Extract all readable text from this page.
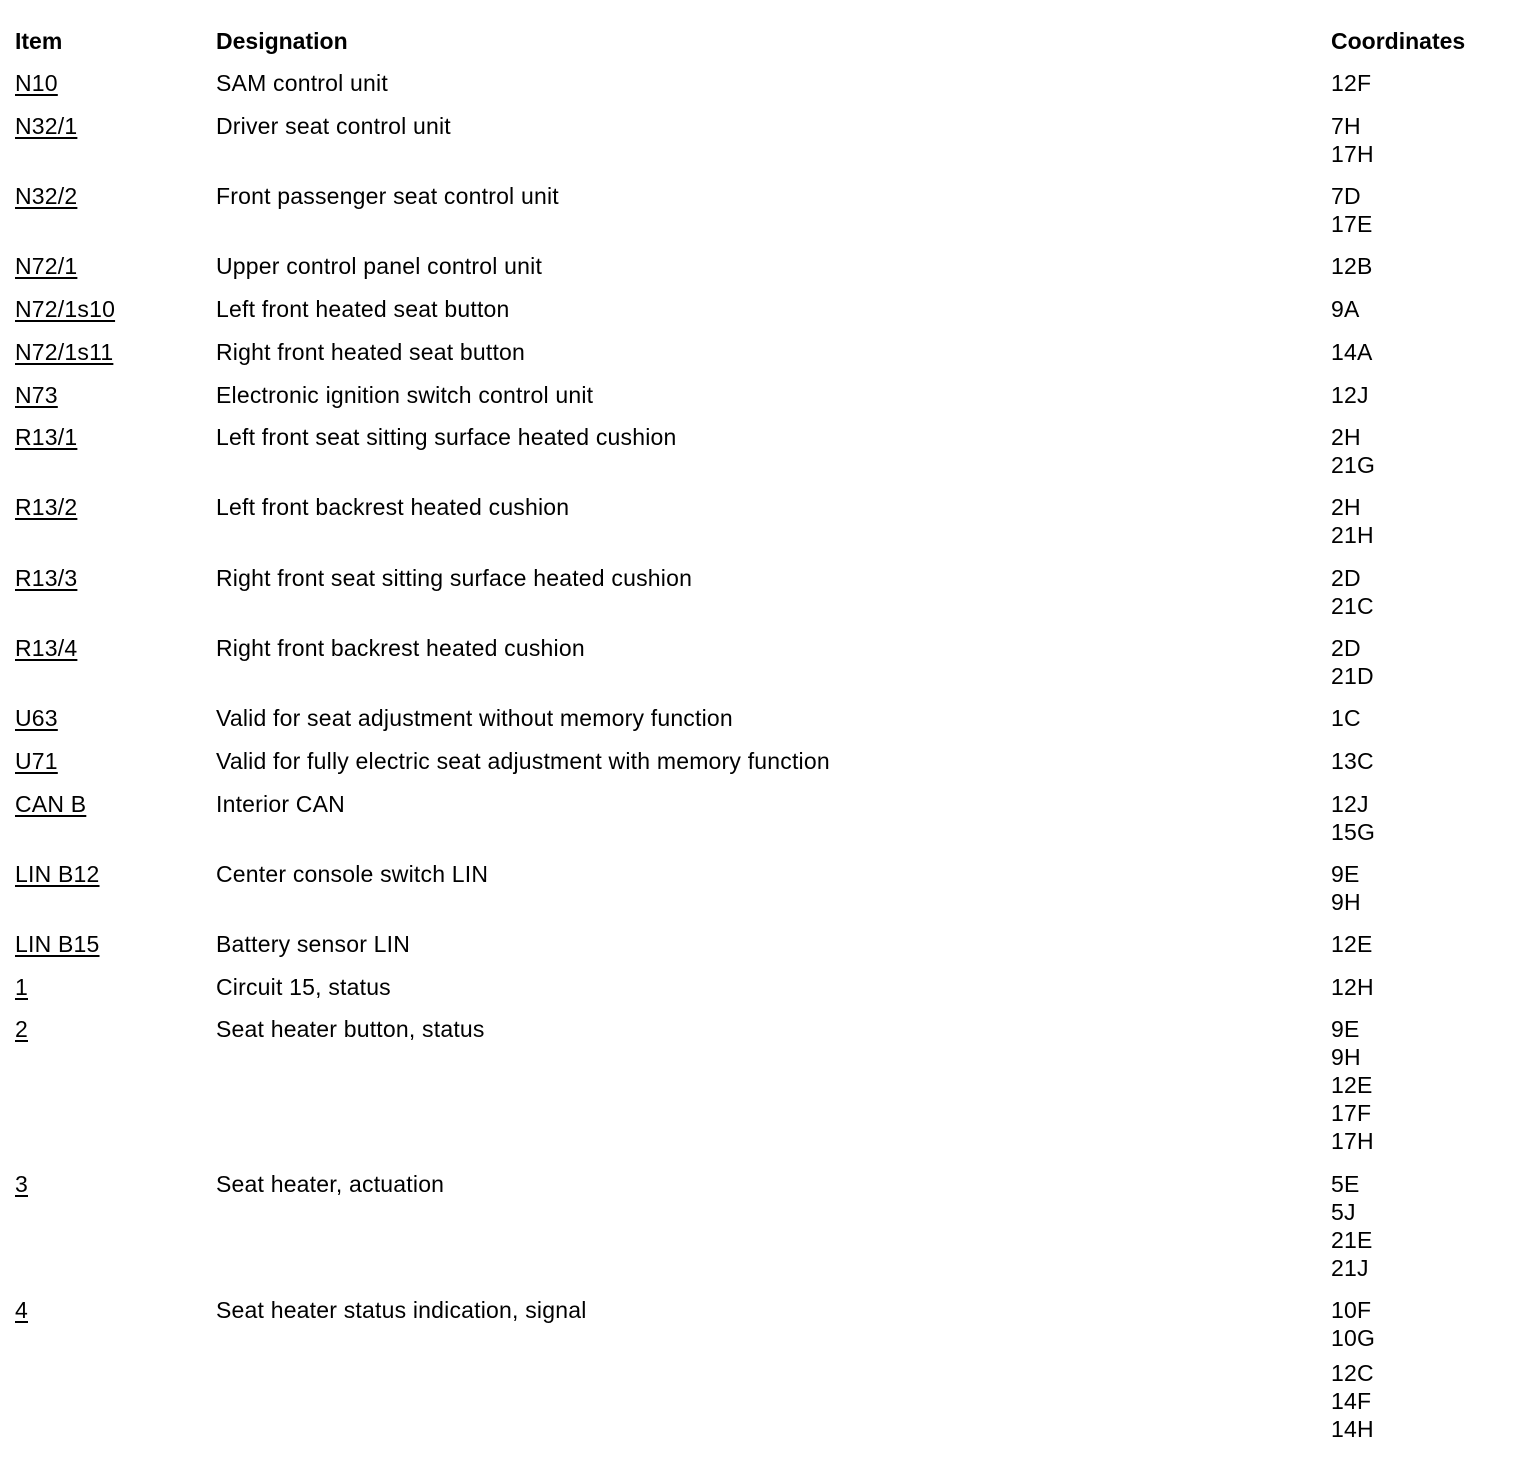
Item	Designation	Coordinates
N10	SAM control unit	12F
N32/1	Driver seat control unit	7H
17H
N32/2	Front passenger seat control unit	7D
17E
N72/1	Upper control panel control unit	12B
N72/1s10	Left front heated seat button	9A
N72/1s11	Right front heated seat button	14A
N73	Electronic ignition switch control unit	12J
R13/1	Left front seat sitting surface heated cushion	2H
21G
R13/2	Left front backrest heated cushion	2H
21H
R13/3	Right front seat sitting surface heated cushion	2D
21C
R13/4	Right front backrest heated cushion	2D
21D
U63	Valid for seat adjustment without memory function	1C
U71	Valid for fully electric seat adjustment with memory function	13C
CAN B	Interior CAN	12J
15G
LIN B12	Center console switch LIN	9E
9H
LIN B15	Battery sensor LIN	12E
1	Circuit 15, status	12H
2	Seat heater button, status	9E
9H
12E
17F
17H
3	Seat heater, actuation	5E
5J
21E
21J
4	Seat heater status indication, signal	10F
10G
12C
14F
14H
